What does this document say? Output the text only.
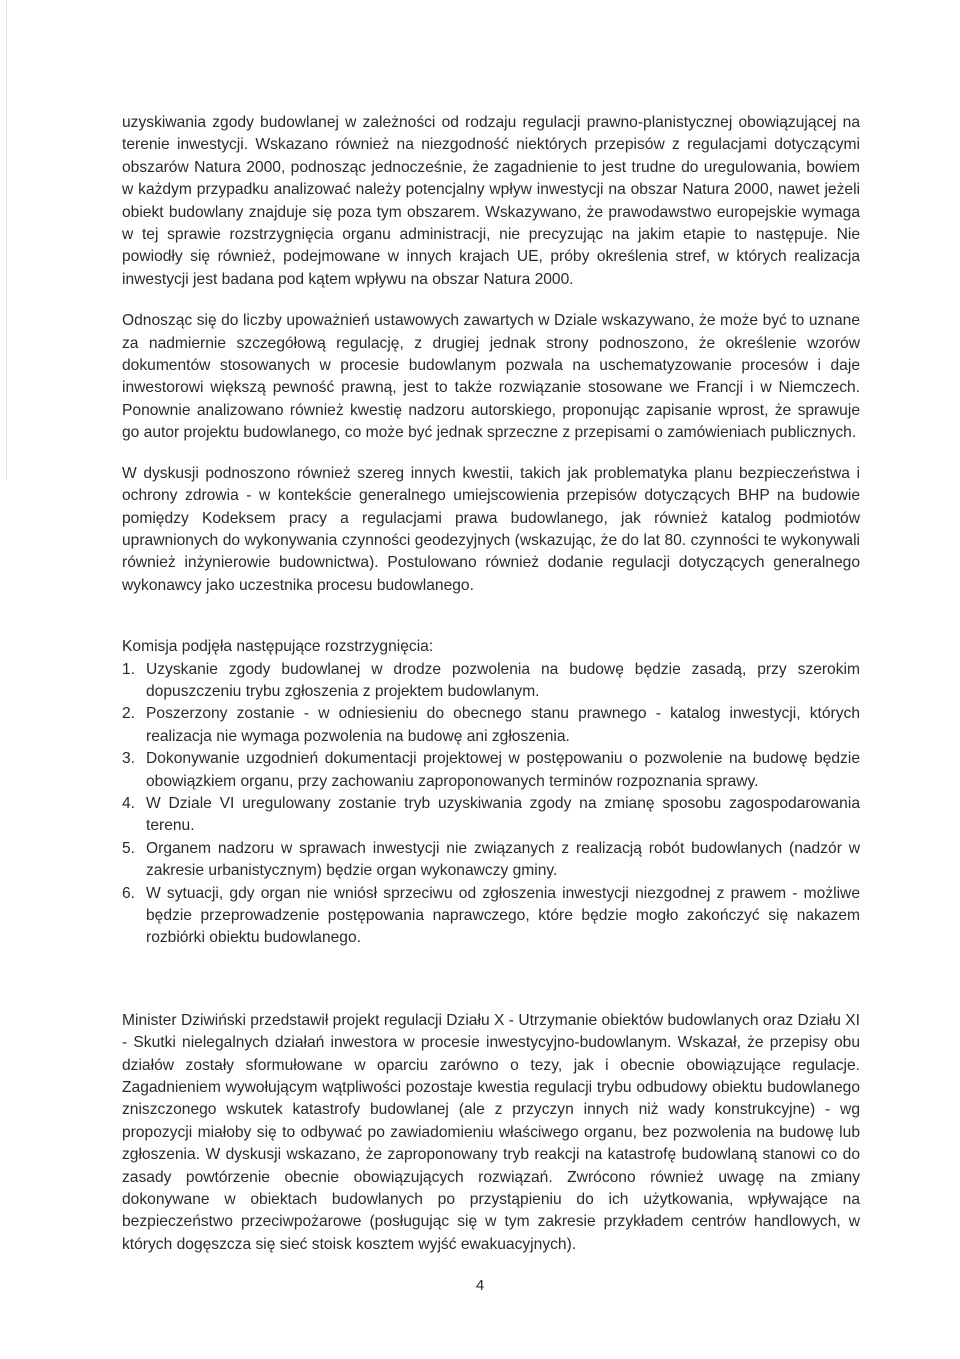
uzyskiwania zgody budowlanej w zależności od rodzaju regulacji prawno-planistycznej obowiązującej na terenie inwestycji. Wskazano również na niezgodność niektórych przepisów z regulacjami dotyczącymi obszarów Natura 2000, podnosząc jednocześnie, że zagadnienie to jest trudne do uregulowania, bowiem w każdym przypadku analizować należy potencjalny wpływ inwestycji na obszar Natura 2000, nawet jeżeli obiekt budowlany znajduje się poza tym obszarem. Wskazywano, że prawodawstwo europejskie wymaga w tej sprawie rozstrzygnięcia organu administracji, nie precyzując na jakim etapie to następuje. Nie powiodły się również, podejmowane w innych krajach UE, próby określenia stref, w których realizacja inwestycji jest badana pod kątem wpływu na obszar Natura 2000.

Odnosząc się do liczby upoważnień ustawowych zawartych w Dziale wskazywano, że może być to uznane za nadmiernie szczegółową regulację, z drugiej jednak strony podnoszono, że określenie wzorów dokumentów stosowanych w procesie budowlanym pozwala na uschematyzowanie procesów i daje inwestorowi większą pewność prawną, jest to także rozwiązanie stosowane we Francji i w Niemczech. Ponownie analizowano również kwestię nadzoru autorskiego, proponując zapisanie wprost, że sprawuje go autor projektu budowlanego, co może być jednak sprzeczne z przepisami o zamówieniach publicznych.

W dyskusji podnoszono również szereg innych kwestii, takich jak problematyka planu bezpieczeństwa i ochrony zdrowia - w kontekście generalnego umiejscowienia przepisów dotyczących BHP na budowie pomiędzy Kodeksem pracy a regulacjami prawa budowlanego, jak również katalog podmiotów uprawnionych do wykonywania czynności geodezyjnych (wskazując, że do lat 80. czynności te wykonywali również inżynierowie budownictwa). Postulowano również dodanie regulacji dotyczących generalnego wykonawcy jako uczestnika procesu budowlanego.

Komisja podjęła następujące rozstrzygnięcia:

1. Uzyskanie zgody budowlanej w drodze pozwolenia na budowę będzie zasadą, przy szerokim dopuszczeniu trybu zgłoszenia z projektem budowlanym.
2. Poszerzony zostanie - w odniesieniu do obecnego stanu prawnego - katalog inwestycji, których realizacja nie wymaga pozwolenia na budowę ani zgłoszenia.
3. Dokonywanie uzgodnień dokumentacji projektowej w postępowaniu o pozwolenie na budowę będzie obowiązkiem organu, przy zachowaniu zaproponowanych terminów rozpoznania sprawy.
4. W Dziale VI uregulowany zostanie tryb uzyskiwania zgody na zmianę sposobu zagospodarowania terenu.
5. Organem nadzoru w sprawach inwestycji nie związanych z realizacją robót budowlanych (nadzór w zakresie urbanistycznym) będzie organ wykonawczy gminy.
6. W sytuacji, gdy organ nie wniósł sprzeciwu od zgłoszenia inwestycji niezgodnej z prawem - możliwe będzie przeprowadzenie postępowania naprawczego, które będzie mogło zakończyć się nakazem rozbiórki obiektu budowlanego.

Minister Dziwiński przedstawił projekt regulacji Działu X - Utrzymanie obiektów budowlanych oraz Działu XI - Skutki nielegalnych działań inwestora w procesie inwestycyjno-budowlanym. Wskazał, że przepisy obu działów zostały sformułowane w oparciu zarówno o tezy, jak i obecnie obowiązujące regulacje. Zagadnieniem wywołującym wątpliwości pozostaje kwestia regulacji trybu odbudowy obiektu budowlanego zniszczonego wskutek katastrofy budowlanej (ale z przyczyn innych niż wady konstrukcyjne) - wg propozycji miałoby się to odbywać po zawiadomieniu właściwego organu, bez pozwolenia na budowę lub zgłoszenia. W dyskusji wskazano, że zaproponowany tryb reakcji na katastrofę budowlaną stanowi co do zasady powtórzenie obecnie obowiązujących rozwiązań. Zwrócono również uwagę na zmiany dokonywane w obiektach budowlanych po przystąpieniu do ich użytkowania, wpływające na bezpieczeństwo przeciwpożarowe (posługując się w tym zakresie przykładem centrów handlowych, w których dogęszcza się sieć stoisk kosztem wyjść ewakuacyjnych).

4
